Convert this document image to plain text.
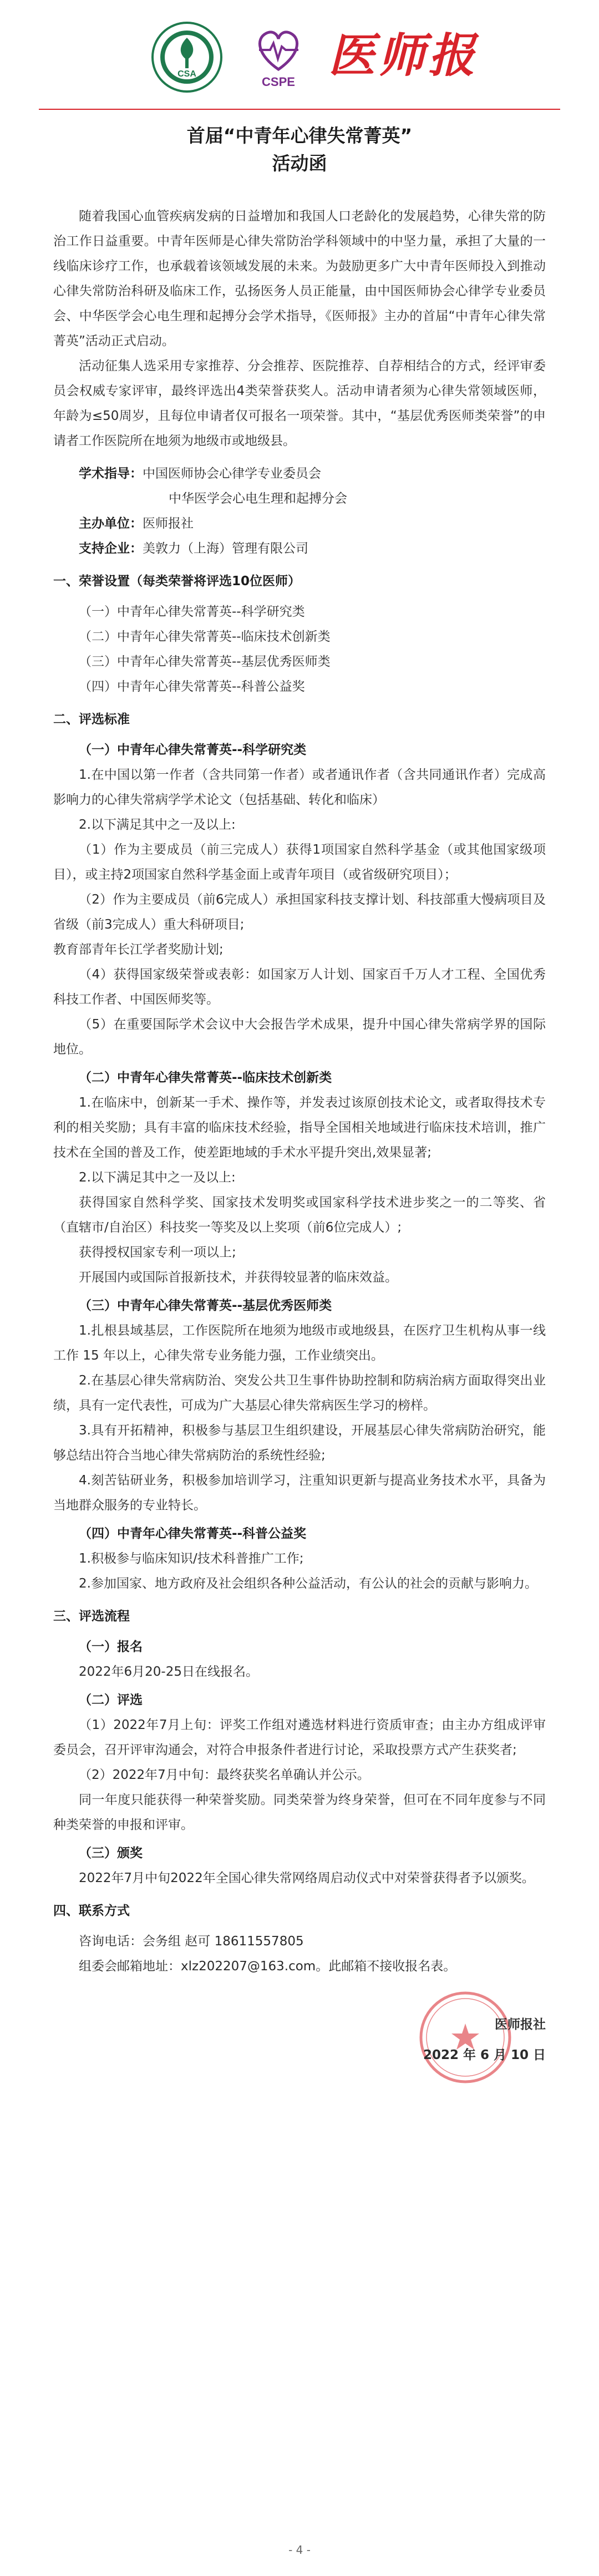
CSA
CSPE 医师报
首届“中青年心律失常菁英”
活动函

随着我国心血管疾病发病的日益增加和我国人口老龄化的发展趋势，心律失常的防治工作日益重要。中青年医师是心律失常防治学科领域中的中坚力量，承担了大量的一线临床诊疗工作，也承载着该领域发展的未来。为鼓励更多广大中青年医师投入到推动心律失常防治科研及临床工作，弘扬医务人员正能量，由中国医师协会心律学专业委员会、中华医学会心电生理和起搏分会学术指导，《医师报》主办的首届“中青年心律失常菁英”活动正式启动。

活动征集人选采用专家推荐、分会推荐、医院推荐、自荐相结合的方式，经评审委员会权威专家评审，最终评选出4类荣誉获奖人。活动申请者须为心律失常领域医师，年龄为≤50周岁，且每位申请者仅可报名一项荣誉。其中，“基层优秀医师类荣誉”的申请者工作医院所在地须为地级市或地级县。

学术指导：中国医师协会心律学专业委员会

中华医学会心电生理和起搏分会

主办单位：医师报社

支持企业：美敦力（上海）管理有限公司

一、荣誉设置（每类荣誉将评选10位医师）

（一）中青年心律失常菁英--科学研究类

（二）中青年心律失常菁英--临床技术创新类

（三）中青年心律失常菁英--基层优秀医师类

（四）中青年心律失常菁英--科普公益奖

二、评选标准

（一）中青年心律失常菁英--科学研究类

1.在中国以第一作者（含共同第一作者）或者通讯作者（含共同通讯作者）完成高影响力的心律失常病学学术论文（包括基础、转化和临床）

2.以下满足其中之一及以上:

（1）作为主要成员（前三完成人）获得1项国家自然科学基金（或其他国家级项目），或主持2项国家自然科学基金面上或青年项目（或省级研究项目）；

（2）作为主要成员（前6完成人）承担国家科技支撑计划、科技部重大慢病项目及省级（前3完成人）重大科研项目;

教育部青年长江学者奖励计划;

（4）获得国家级荣誉或表彰：如国家万人计划、国家百千万人才工程、全国优秀科技工作者、中国医师奖等。

（5）在重要国际学术会议中大会报告学术成果，提升中国心律失常病学界的国际地位。

（二）中青年心律失常菁英--临床技术创新类

1.在临床中，创新某一手术、操作等，并发表过该原创技术论文，或者取得技术专利的相关奖励；具有丰富的临床技术经验，指导全国相关地域进行临床技术培训，推广技术在全国的普及工作，使差距地域的手术水平提升突出,效果显著;

2.以下满足其中之一及以上:

获得国家自然科学奖、国家技术发明奖或国家科学技术进步奖之一的二等奖、省（直辖市/自治区）科技奖一等奖及以上奖项（前6位完成人）;

获得授权国家专利一项以上;

开展国内或国际首报新技术，并获得较显著的临床效益。

（三）中青年心律失常菁英--基层优秀医师类

1.扎根县域基层，工作医院所在地须为地级市或地级县，在医疗卫生机构从事一线工作 15 年以上，心律失常专业务能力强，工作业绩突出。

2.在基层心律失常病防治、突发公共卫生事件协助控制和防病治病方面取得突出业绩，具有一定代表性，可成为广大基层心律失常病医生学习的榜样。

3.具有开拓精神，积极参与基层卫生组织建设，开展基层心律失常病防治研究，能够总结出符合当地心律失常病防治的系统性经验;

4.刻苦钻研业务，积极参加培训学习，注重知识更新与提高业务技术水平，具备为当地群众服务的专业特长。

（四）中青年心律失常菁英--科普公益奖

1.积极参与临床知识/技术科普推广工作;

2.参加国家、地方政府及社会组织各种公益活动，有公认的社会的贡献与影响力。

三、评选流程

（一）报名

2022年6月20-25日在线报名。

（二）评选

（1）2022年7月上旬：评奖工作组对遴选材料进行资质审查；由主办方组成评审委员会，召开评审沟通会，对符合申报条件者进行讨论，采取投票方式产生获奖者;

（2）2022年7月中旬：最终获奖名单确认并公示。

同一年度只能获得一种荣誉奖励。同类荣誉为终身荣誉，但可在不同年度参与不同种类荣誉的申报和评审。

（三）颁奖

2022年7月中旬2022年全国心律失常网络周启动仪式中对荣誉获得者予以颁奖。

四、联系方式

咨询电话：会务组 赵可 18611557805

组委会邮箱地址：xlz202207@163.com。此邮箱不接收报名表。

医师报社
2022 年 6 月 10 日
- 4 -
